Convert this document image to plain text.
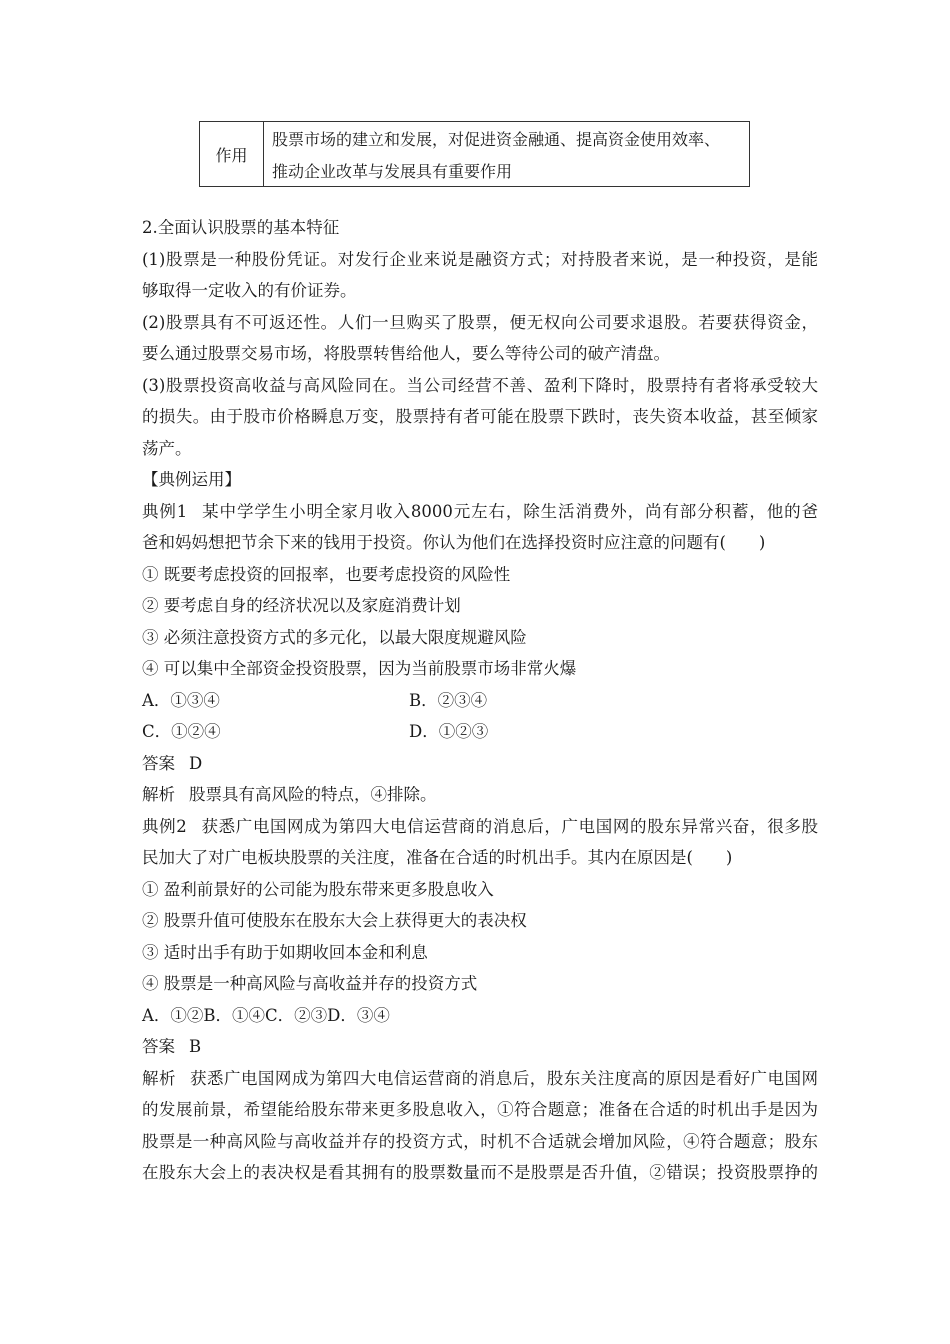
作用
股票市场的建立和发展，对促进资金融通、提高资金使用效率、
推动企业改革与发展具有重要作用
2.全面认识股票的基本特征
(1)股票是一种股份凭证。对发行企业来说是融资方式；对持股者来说，是一种投资，是能
够取得一定收入的有价证券。
(2)股票具有不可返还性。人们一旦购买了股票，便无权向公司要求退股。若要获得资金，
要么通过股票交易市场，将股票转售给他人，要么等待公司的破产清盘。
(3)股票投资高收益与高风险同在。当公司经营不善、盈利下降时，股票持有者将承受较大
的损失。由于股市价格瞬息万变，股票持有者可能在股票下跌时，丧失资本收益，甚至倾家
荡产。
【典例运用】
典例1 某中学学生小明全家月收入8000元左右，除生活消费外，尚有部分积蓄，他的爸
爸和妈妈想把节余下来的钱用于投资。你认为他们在选择投资时应注意的问题有(　　)
① 既要考虑投资的回报率，也要考虑投资的风险性
② 要考虑自身的经济状况以及家庭消费计划
③ 必须注意投资方式的多元化，以最大限度规避风险
④ 可以集中全部资金投资股票，因为当前股票市场非常火爆
A．①③④	B．②③④
C．①②④	D．①②③
答案 D
解析 股票具有高风险的特点，④排除。
典例2 获悉广电国网成为第四大电信运营商的消息后，广电国网的股东异常兴奋，很多股
民加大了对广电板块股票的关注度，准备在合适的时机出手。其内在原因是(　　)
① 盈利前景好的公司能为股东带来更多股息收入
② 股票升值可使股东在股东大会上获得更大的表决权
③ 适时出手有助于如期收回本金和利息
④ 股票是一种高风险与高收益并存的投资方式
A．①②B．①④C．②③D．③④
答案 B
解析 获悉广电国网成为第四大电信运营商的消息后，股东关注度高的原因是看好广电国网
的发展前景，希望能给股东带来更多股息收入，①符合题意；准备在合适的时机出手是因为
股票是一种高风险与高收益并存的投资方式，时机不合适就会增加风险，④符合题意；股东
在股东大会上的表决权是看其拥有的股票数量而不是股票是否升值，②错误；投资股票挣的
